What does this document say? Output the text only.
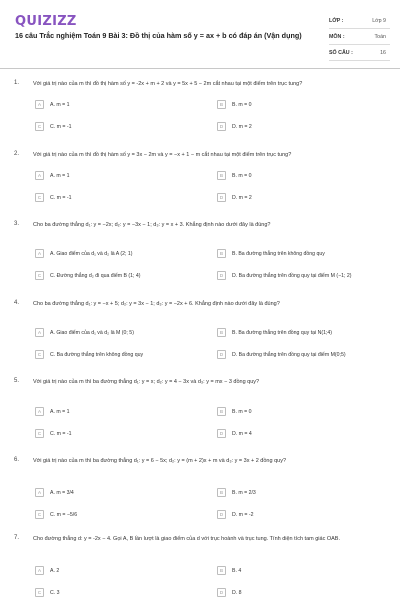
QUIZIZZ
16 câu Trắc nghiệm Toán 9 Bài 3: Đồ thị của hàm số y = ax + b có đáp án (Vận dụng)
LỚP :	Lớp 9
MÔN :	Toán
SỐ CÂU :	16
1.	Với giá trị nào của m thì đồ thị hàm số y = -2x + m + 2 và y = 5x + 5 − 2m cắt nhau tại một điểm trên trục tung?
A	A. m = 1	B	B. m = 0
C	C. m = -1	D	D. m = 2
2.	Với giá trị nào của m thì đồ thị hàm số y = 3x − 2m và y = −x + 1 − m cắt nhau tại một điểm trên trục tung?
A	A. m = 1	B	B. m = 0
C	C. m = -1	D	D. m = 2
3.	Cho ba đường thẳng d₁: y = −2x; d₂: y = −3x − 1; d₃: y = x + 3. Khẳng định nào dưới đây là đúng?
A	A. Giao điểm của d₁ và d₂ là A (2; 1)	B	B. Ba đường thẳng trên không đồng quy
C	C. Đường thẳng d₂ đi qua điểm B (1; 4)	D	D. Ba đường thẳng trên đồng quy tại điểm M (−1; 2)
4.	Cho ba đường thẳng d₁: y = −x + 5; d₂: y = 3x − 1; d₃: y = −2x + 6. Khẳng định nào dưới đây là đúng?
A	A. Giao điểm của d₁ và d₂ là M (0; 5)	B	B. Ba đường thẳng trên đồng quy tại N(1;4)
C	C. Ba đường thẳng trên không đồng quy	D	D. Ba đường thẳng trên đồng quy tại điểm M(0;5)
5.	Với giá trị nào của m thì ba đường thẳng d₁: y = x; d₂: y = 4 − 3x và d₃: y = mx − 3 đồng quy?
A	A. m = 1	B	B. m = 0
C	C. m = -1	D	D. m = 4
6.	Với giá trị nào của m thì ba đường thẳng d₁: y = 6 − 5x; d₂: y = (m + 2)x + m và d₃: y = 3x + 2 đồng quy?
A	A. m = 3/4	B	B. m = 2/3
C	C. m = −5/6	D	D. m = -2
7.	Cho đường thẳng d: y = -2x − 4. Gọi A, B lần lượt là giao điểm của d với trục hoành và trục tung. Tính diện tích tam giác OAB.
A	A. 2	B	B. 4
C	C. 3	D	D. 8
